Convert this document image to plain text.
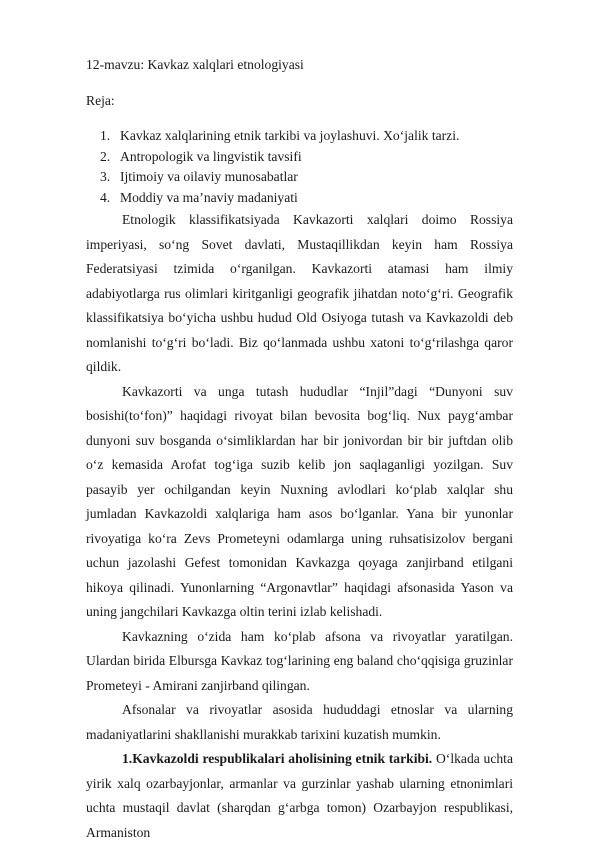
12-mavzu: Kavkaz xalqlari etnologiyasi
Reja:
1. Kavkaz xalqlarining etnik tarkibi va joylashuvi. Xo‘jalik tarzi.
2. Antropologik va lingvistik tavsifi
3. Ijtimoiy va oilaviy munosabatlar
4. Moddiy va ma’naviy madaniyati

Etnologik klassifikatsiyada Kavkazorti xalqlari doimo Rossiya imperiyasi, so‘ng Sovet davlati, Mustaqillikdan keyin ham Rossiya Federatsiyasi tzimida o‘rganilgan. Kavkazorti atamasi ham ilmiy adabiyotlarga rus olimlari kiritganligi geografik jihatdan noto‘g‘ri. Geografik klassifikatsiya bo‘yicha ushbu hudud Old Osiyoga tutash va Kavkazoldi deb nomlanishi to‘g‘ri bo‘ladi. Biz qo‘lanmada ushbu xatoni to‘g‘rilashga qaror qildik.

Kavkazorti va unga tutash hududlar “Injil”dagi “Dunyoni suv bosishi(to‘fon)” haqidagi rivoyat bilan bevosita bog‘liq. Nux payg‘ambar dunyoni suv bosganda o‘simliklardan har bir jonivordan bir bir juftdan olib o‘z kemasida Arofat tog‘iga suzib kelib jon saqlaganligi yozilgan. Suv pasayib yer ochilgandan keyin Nuxning avlodlari ko‘plab xalqlar shu jumladan Kavkazoldi xalqlariga ham asos bo‘lganlar. Yana bir yunonlar rivoyatiga ko‘ra Zevs Prometeyni odamlarga uning ruhsatisizolov bergani uchun jazolashi Gefest tomonidan Kavkazga qoyaga zanjirband etilgani hikoya qilinadi. Yunonlarning “Argonavtlar” haqidagi afsonasida Yason va uning jangchilari Kavkazga oltin terini izlab kelishadi.

Kavkazning o‘zida ham ko‘plab afsona va rivoyatlar yaratilgan. Ulardan birida Elbursga Kavkaz tog‘larining eng baland cho‘qqisiga gruzinlar Prometeyi - Amirani zanjirband qilingan.

Afsonalar va rivoyatlar asosida hududdagi etnoslar va ularning madaniyatlarini shakllanishi murakkab tarixini kuzatish mumkin.

1.Kavkazoldi respublikalari aholisining etnik tarkibi. O‘lkada uchta yirik xalq ozarbayjonlar, armanlar va gurzinlar yashab ularning etnonimlari uchta mustaqil davlat (sharqdan g‘arbga tomon) Ozarbayjon respublikasi, Armaniston
